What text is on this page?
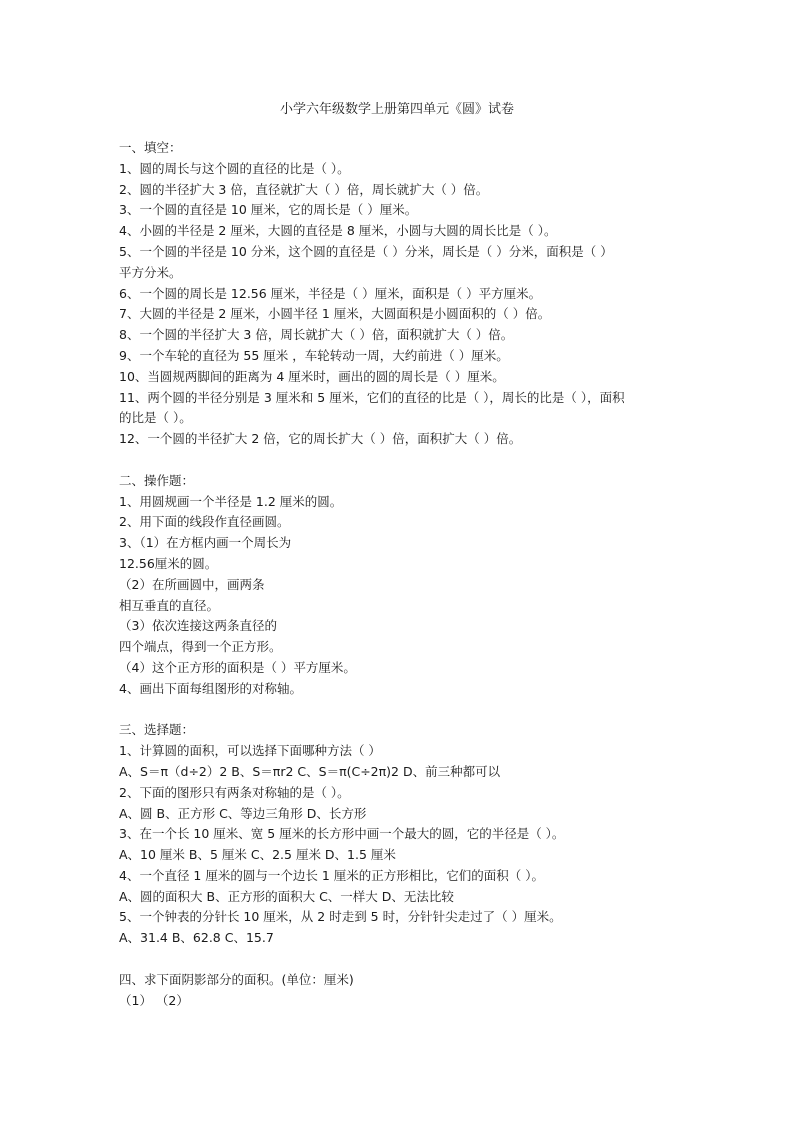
小学六年级数学上册第四单元《圆》试卷
一、填空：
1、圆的周长与这个圆的直径的比是（ ）。
2、圆的半径扩大 3 倍，直径就扩大（ ）倍，周长就扩大（ ）倍。
3、一个圆的直径是 10 厘米，它的周长是（ ）厘米。
4、小圆的半径是 2 厘米，大圆的直径是 8 厘米，小圆与大圆的周长比是（ ）。
5、一个圆的半径是 10 分米，这个圆的直径是（ ）分米，周长是（ ）分米，面积是（ ）
平方分米。
6、一个圆的周长是 12.56 厘米，半径是（ ）厘米，面积是（ ）平方厘米。
7、大圆的半径是 2 厘米，小圆半径 1 厘米，大圆面积是小圆面积的（ ）倍。
8、一个圆的半径扩大 3 倍，周长就扩大（ ）倍，面积就扩大（ ）倍。
9、一个车轮的直径为 55 厘米 ，车轮转动一周，大约前进（ ）厘米。
10、当圆规两脚间的距离为 4 厘米时，画出的圆的周长是（ ）厘米。
11、两个圆的半径分别是 3 厘米和 5 厘米，它们的直径的比是（ ），周长的比是（ ），面积
的比是（ ）。
12、一个圆的半径扩大 2 倍，它的周长扩大（ ）倍，面积扩大（ ）倍。
二、操作题：
1、用圆规画一个半径是 1.2 厘米的圆。
2、用下面的线段作直径画圆。
3、（1）在方框内画一个周长为
12.56厘米的圆。
（2）在所画圆中，画两条
相互垂直的直径。
（3）依次连接这两条直径的
四个端点，得到一个正方形。
（4）这个正方形的面积是（ ）平方厘米。
4、画出下面每组图形的对称轴。
三、选择题：
1、计算圆的面积，可以选择下面哪种方法（ ）
A、S＝π（d÷2）2 B、S＝πr2 C、S＝π(C÷2π)2 D、前三种都可以
2、下面的图形只有两条对称轴的是（ ）。
A、圆 B、正方形 C、等边三角形 D、长方形
3、在一个长 10 厘米、宽 5 厘米的长方形中画一个最大的圆，它的半径是（ ）。
A、10 厘米 B、5 厘米 C、2.5 厘米 D、1.5 厘米
4、一个直径 1 厘米的圆与一个边长 1 厘米的正方形相比，它们的面积（ ）。
A、圆的面积大 B、正方形的面积大 C、一样大 D、无法比较
5、一个钟表的分针长 10 厘米，从 2 时走到 5 时，分针针尖走过了（ ）厘米。
A、31.4 B、62.8 C、15.7
四、求下面阴影部分的面积。(单位：厘米)
（1） （2）
